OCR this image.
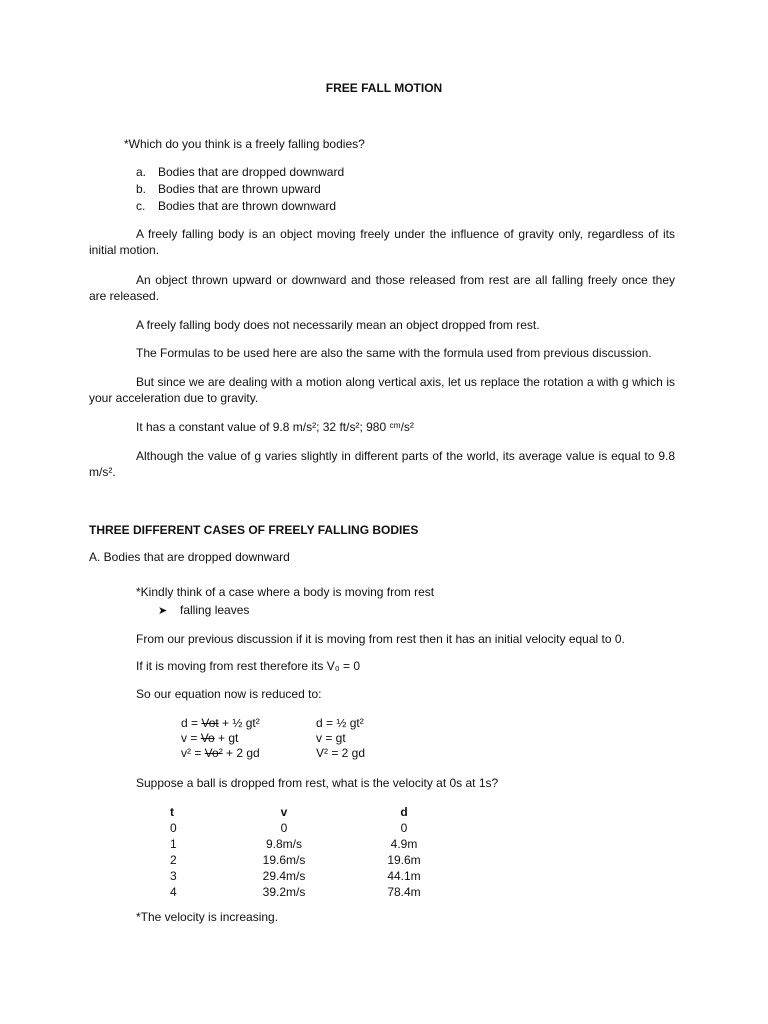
FREE FALL MOTION
*Which do you think is a freely falling bodies?
a. Bodies that are dropped downward
b. Bodies that are thrown upward
c. Bodies that are thrown downward
A freely falling body is an object moving freely under the influence of gravity only, regardless of its initial motion.
An object thrown upward or downward and those released from rest are all falling freely once they are released.
A freely falling body does not necessarily mean an object dropped from rest.
The Formulas to be used here are also the same with the formula used from previous discussion.
But since we are dealing with a motion along vertical axis, let us replace the rotation a with g which is your acceleration due to gravity.
It has a constant value of 9.8 m/s²; 32 ft/s²; 980 ᶜᵐ/s²
Although the value of g varies slightly in different parts of the world, its average value is equal to 9.8 m/s².
THREE DIFFERENT CASES OF FREELY FALLING BODIES
A. Bodies that are dropped downward
*Kindly think of a case where a body is moving from rest
➤ falling leaves
From our previous discussion if it is moving from rest then it has an initial velocity equal to 0.
If it is moving from rest therefore its V₀ = 0
So our equation now is reduced to:
d = Vot + ½ gt²
v = Vo + gt
v² = Vo² + 2 gd
d = ½ gt²
v = gt
V² = 2 gd
Suppose a ball is dropped from rest, what is the velocity at 0s at 1s?
t	v	d
0	0	0
1	9.8m/s	4.9m
2	19.6m/s	19.6m
3	29.4m/s	44.1m
4	39.2m/s	78.4m
*The velocity is increasing.
